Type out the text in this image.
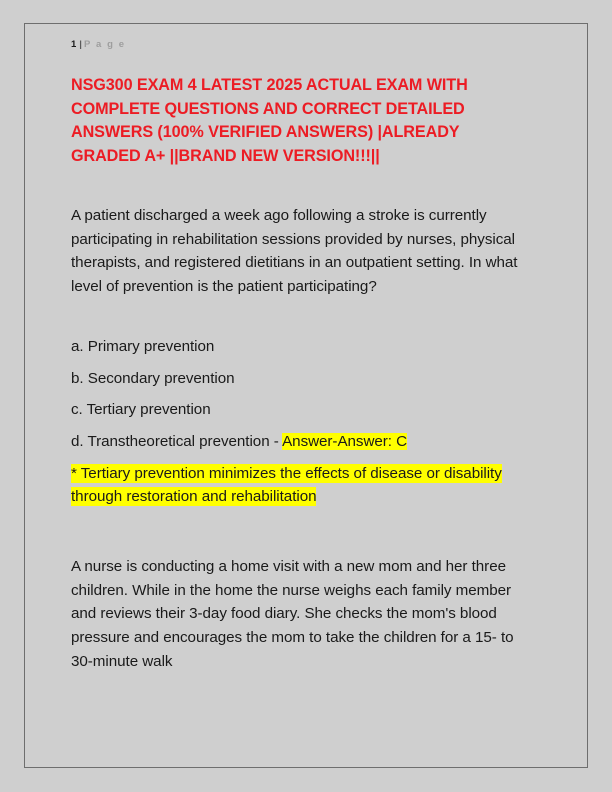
1 | P a g e
NSG300 EXAM 4 LATEST 2025 ACTUAL EXAM WITH COMPLETE QUESTIONS AND CORRECT DETAILED ANSWERS (100% VERIFIED ANSWERS) |ALREADY GRADED A+ ||BRAND NEW VERSION!!!||

A patient discharged a week ago following a stroke is currently participating in rehabilitation sessions provided by nurses, physical therapists, and registered dietitians in an outpatient setting. In what level of prevention is the patient participating?

a. Primary prevention

b. Secondary prevention

c. Tertiary prevention

d. Transtheoretical prevention - Answer-Answer: C

* Tertiary prevention minimizes the effects of disease or disability through restoration and rehabilitation

A nurse is conducting a home visit with a new mom and her three children. While in the home the nurse weighs each family member and reviews their 3-day food diary. She checks the mom's blood pressure and encourages the mom to take the children for a 15- to 30-minute walk
